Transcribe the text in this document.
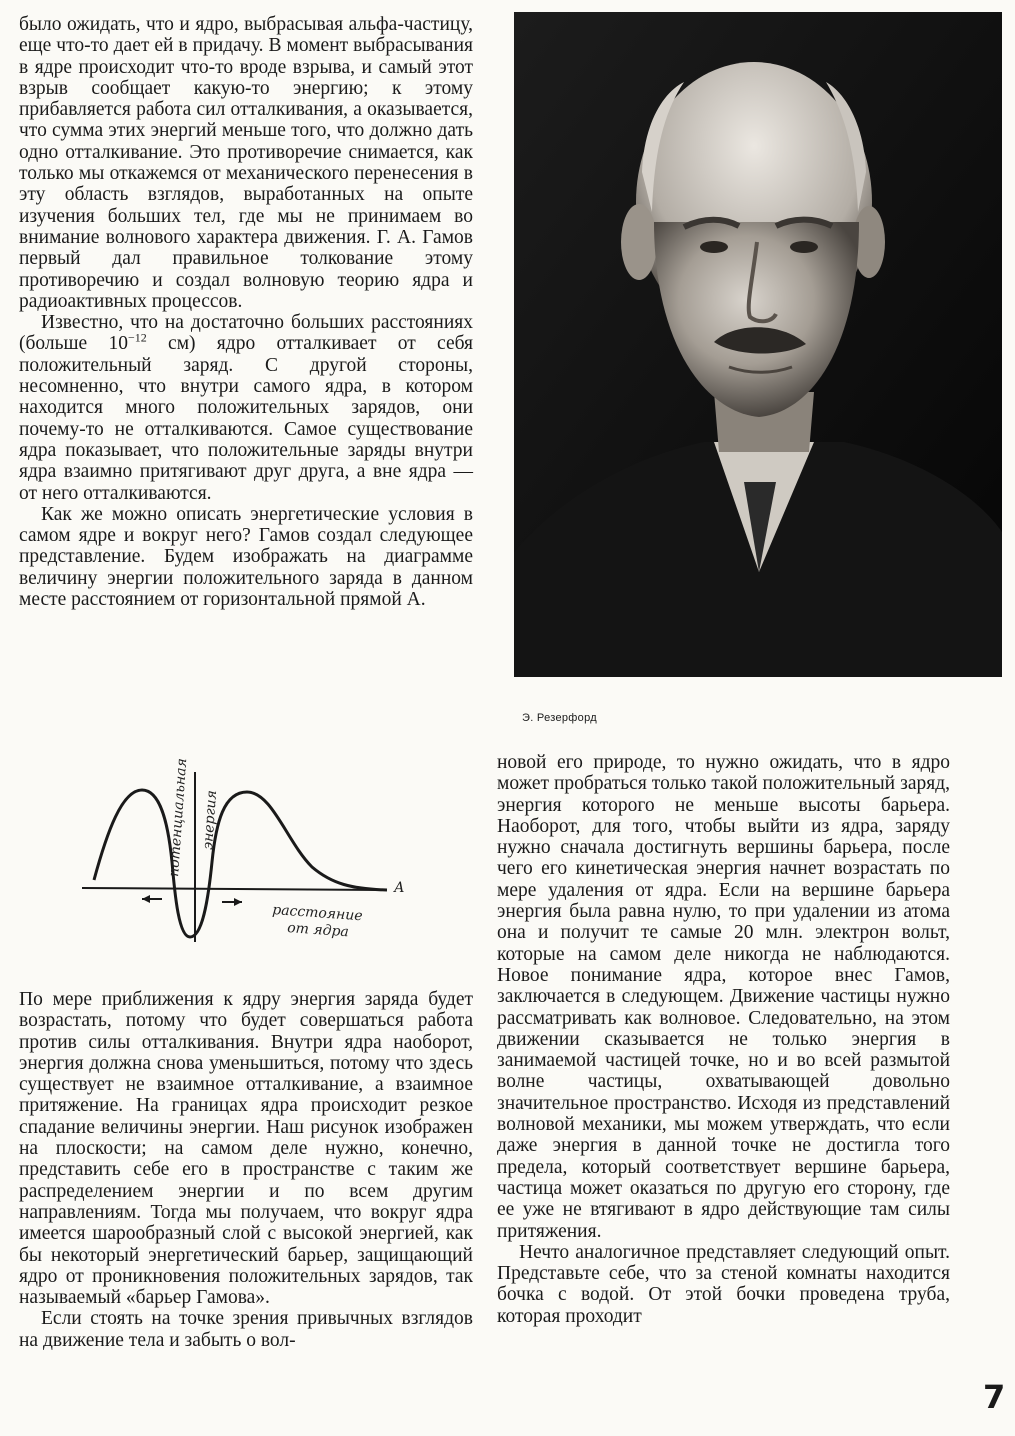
было ожидать, что и ядро, выбрасывая альфа-частицу, еще что-то дает ей в придачу. В момент выбрасывания в ядре происходит что-то вроде взрыва, и самый этот взрыв сообщает какую-то энергию; к этому прибавляется работа сил отталкивания, а оказывается, что сумма этих энергий меньше того, что должно дать одно отталкивание. Это противоречие снимается, как только мы откажемся от механического перенесения в эту область взглядов, выработанных на опыте изучения больших тел, где мы не принимаем во внимание волнового характера движения. Г. А. Гамов первый дал правильное толкование этому противоречию и создал волновую теорию ядра и радиоактивных процессов.

Известно, что на достаточно больших расстояниях (больше $10^{-12}$ см) ядро отталкивает от себя положительный заряд. С другой стороны, несомненно, что внутри самого ядра, в котором находится много положительных зарядов, они почему-то не отталкиваются. Самое существование ядра показывает, что положительные заряды внутри ядра взаимно притягивают друг друга, а вне ядра — от него отталкиваются.

Как же можно описать энергетические условия в самом ядре и вокруг него? Гамов создал следующее представление. Будем изображать на диаграмме величину энергии положительного заряда в данном месте расстоянием от горизонтальной прямой А.

Э. Резерфорд
потенциальная энергия
расстояние
от ядра
А

По мере приближения к ядру энергия заряда будет возрастать, потому что будет совершаться работа против силы отталкивания. Внутри ядра наоборот, энергия должна снова уменьшиться, потому что здесь существует не взаимное отталкивание, а взаимное притяжение. На границах ядра происходит резкое спадание величины энергии. Наш рисунок изображен на плоскости; на самом деле нужно, конечно, представить себе его в пространстве с таким же распределением энергии и по всем другим направлениям. Тогда мы получаем, что вокруг ядра имеется шарообразный слой с высокой энергией, как бы некоторый энергетический барьер, защищающий ядро от проникновения положительных зарядов, так называемый «барьер Гамова».

Если стоять на точке зрения привычных взглядов на движение тела и забыть о вол-

новой его природе, то нужно ожидать, что в ядро может пробраться только такой положительный заряд, энергия которого не меньше высоты барьера. Наоборот, для того, чтобы выйти из ядра, заряду нужно сначала достигнуть вершины барьера, после чего его кинетическая энергия начнет возрастать по мере удаления от ядра. Если на вершине барьера энергия была равна нулю, то при удалении из атома она и получит те самые 20 млн. электрон вольт, которые на самом деле никогда не наблюдаются. Новое понимание ядра, которое внес Гамов, заключается в следующем. Движение частицы нужно рассматривать как волновое. Следовательно, на этом движении сказывается не только энергия в занимаемой частицей точке, но и во всей размытой волне частицы, охватывающей довольно значительное пространство. Исходя из представлений волновой механики, мы можем утверждать, что если даже энергия в данной точке не достигла того предела, который соответствует вершине барьера, частица может оказаться по другую его сторону, где ее уже не втягивают в ядро действующие там силы притяжения.

Нечто аналогичное представляет следующий опыт. Представьте себе, что за стеной комнаты находится бочка с водой. От этой бочки проведена труба, которая проходит

7
